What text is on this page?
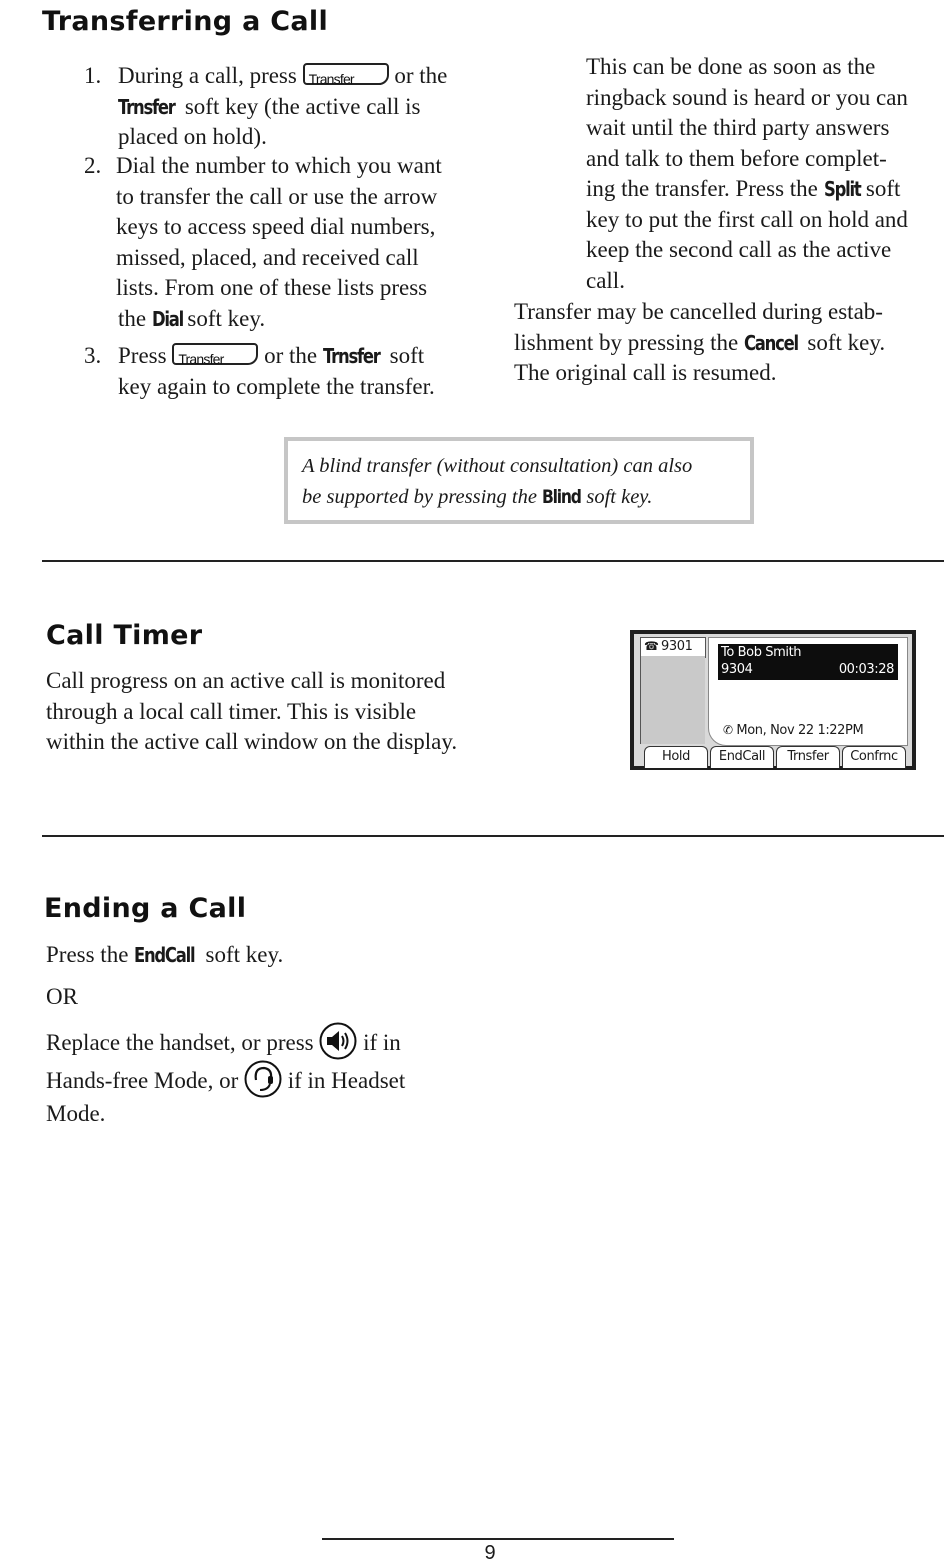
Transferring a Call
1. During a call, press Transfer or the
Trnsfer soft key (the active call is
placed on hold).
2. Dial the number to which you want
to transfer the call or use the arrow
keys to access speed dial numbers,
missed, placed, and received call
lists. From one of these lists press
the Dial soft key.
3. Press Transfer or the Trnsfer soft
key again to complete the transfer.
This can be done as soon as the
ringback sound is heard or you can
wait until the third party answers
and talk to them before complet-
ing the transfer. Press the Split soft
key to put the first call on hold and
keep the second call as the active
call.
Transfer may be cancelled during estab-
lishment by pressing the Cancel soft key.
The original call is resumed.
A blind transfer (without consultation) can also
be supported by pressing the Blind soft key.
Call Timer
Call progress on an active call is monitored
through a local call timer. This is visible
within the active call window on the display.
☎ 9301 To Bob Smith
9304	00:03:28
✆ Mon, Nov 22 1:22PM
Hold	EndCall	Trnsfer	Confrnc
Ending a Call
Press the EndCall soft key.
OR
Replace the handset, or press if in
Hands-free Mode, or if in Headset
Mode.
9
